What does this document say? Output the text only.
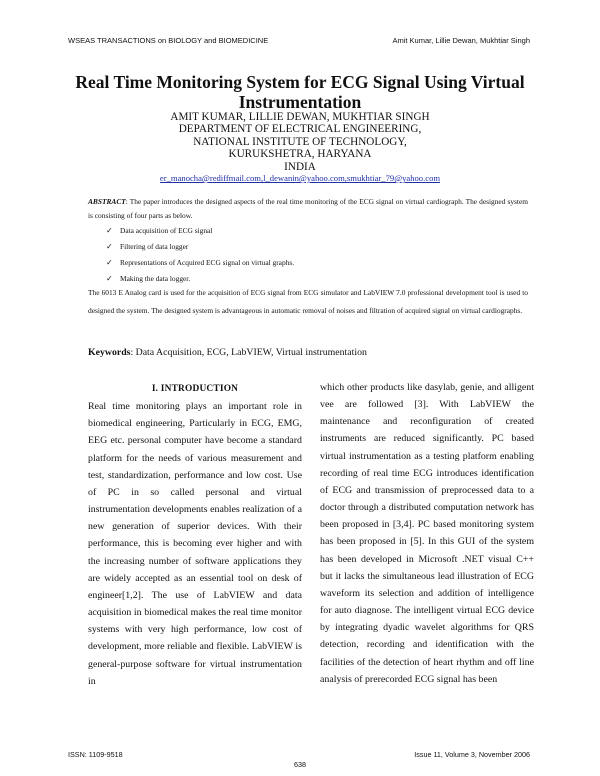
WSEAS TRANSACTIONS on BIOLOGY and BIOMEDICINE	Amit Kumar, Lillie Dewan, Mukhtiar Singh
Real Time Monitoring System for ECG Signal Using Virtual Instrumentation
AMIT KUMAR, LILLIE DEWAN, MUKHTIAR SINGH
DEPARTMENT OF ELECTRICAL ENGINEERING,
NATIONAL INSTITUTE OF TECHNOLOGY,
KURUKSHETRA, HARYANA
INDIA
er_manocha@rediffmail.com,l_dewanin@yahoo.com,smukhtiar_79@yahoo.com
ABSTRACT: The paper introduces the designed aspects of the real time monitoring of the ECG signal on virtual cardiograph. The designed system is consisting of four parts as below.
✓ Data acquisition of ECG signal
✓ Filtering of data logger
✓ Representations of Acquired ECG signal on virtual graphs.
✓ Making the data logger.
The 6013 E Analog card is used for the acquisition of ECG signal from ECG simulator and LabVIEW 7.0 professional development tool is used to designed the system. The designed system is advantageous in automatic removal of noises and filtration of acquired signal on virtual cardiographs.
Keywords: Data Acquisition, ECG, LabVIEW, Virtual instrumentation
I. INTRODUCTION
Real time monitoring plays an important role in biomedical engineering, Particularly in ECG, EMG, EEG etc. personal computer have become a standard platform for the needs of various measurement and test, standardization, performance and low cost. Use of PC in so called personal and virtual instrumentation developments enables realization of a new generation of superior devices. With their performance, this is becoming ever higher and with the increasing number of software applications they are widely accepted as an essential tool on desk of engineer[1,2]. The use of LabVIEW and data acquisition in biomedical makes the real time monitor systems with very high performance, low cost of development, more reliable and flexible. LabVIEW is general-purpose software for virtual instrumentation in
which other products like dasylab, genie, and alligent vee are followed [3]. With LabVIEW the maintenance and reconfiguration of created instruments are reduced significantly. PC based virtual instrumentation as a testing platform enabling recording of real time ECG introduces identification of ECG and transmission of preprocessed data to a doctor through a distributed computation network has been proposed in [3,4]. PC based monitoring system has been proposed in [5]. In this GUI of the system has been developed in Microsoft .NET visual C++ but it lacks the simultaneous lead illustration of ECG waveform its selection and addition of intelligence for auto diagnose. The intelligent virtual ECG device by integrating dyadic wavelet algorithms for QRS detection, recording and identification with the facilities of the detection of heart rhythm and off line analysis of prerecorded ECG signal has been
ISSN: 1109-9518	Issue 11, Volume 3, November 2006
638
